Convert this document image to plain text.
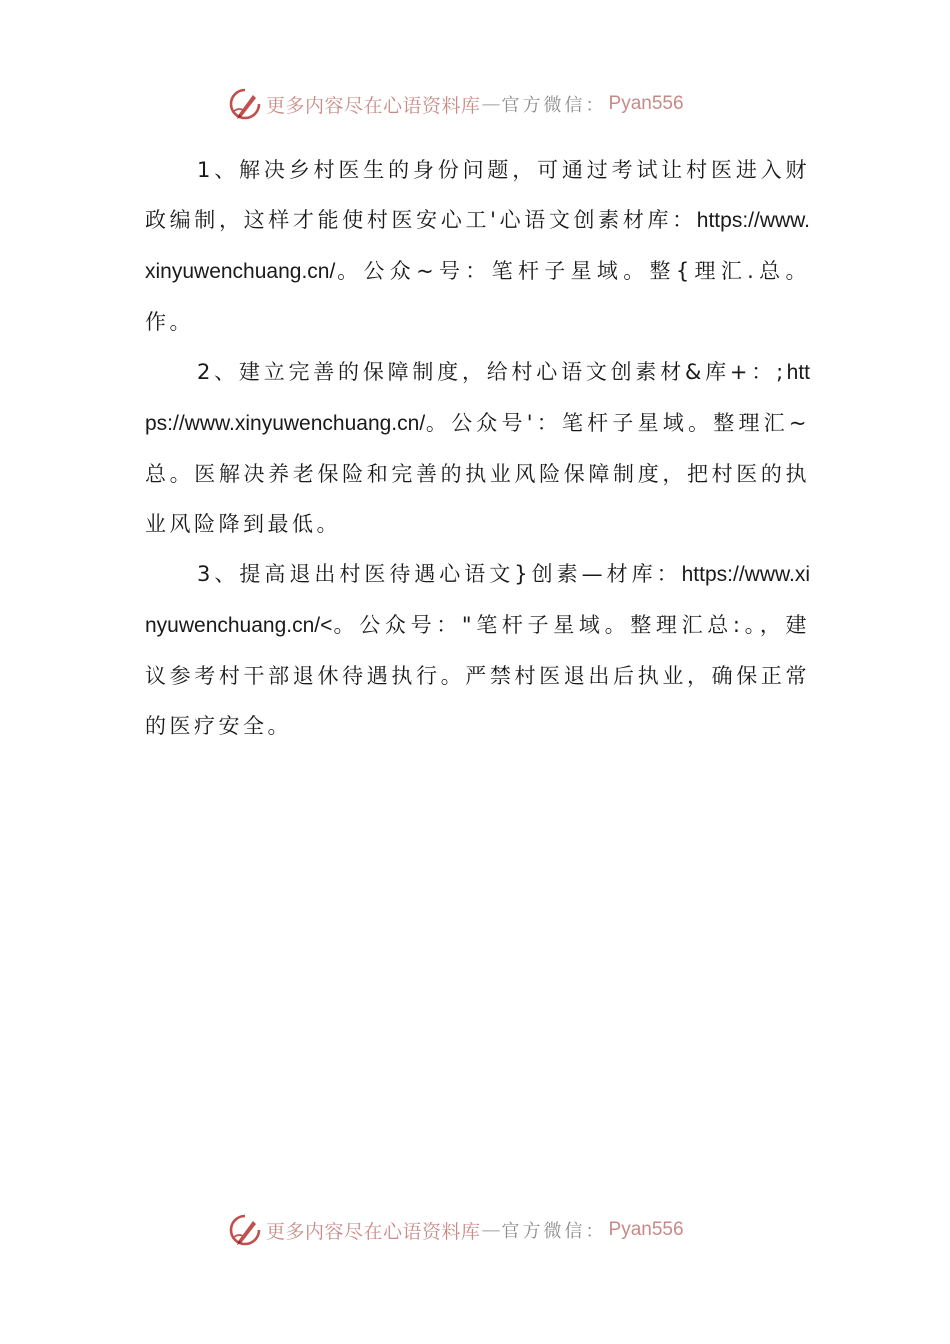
更多内容尽在心语资料库 — 官方微信： Pyan556

1、解决乡村医生的身份问题，可通过考试让村医进入财政编制，这样才能使村医安心工'心语文创素材库：https://www.xinyuwenchuang.cn/。公众~号：笔杆子星域。整{理汇.总。作。

2、建立完善的保障制度，给村心语文创素材&库+：;https://www.xinyuwenchuang.cn/。公众号'：笔杆子星域。整理汇~总。医解决养老保险和完善的执业风险保障制度，把村医的执业风险降到最低。

3、提高退出村医待遇心语文}创素—材库：https://www.xinyuwenchuang.cn/<。公众号："笔杆子星域。整理汇总:。，建议参考村干部退休待遇执行。严禁村医退出后执业，确保正常的医疗安全。

更多内容尽在心语资料库 — 官方微信： Pyan556
